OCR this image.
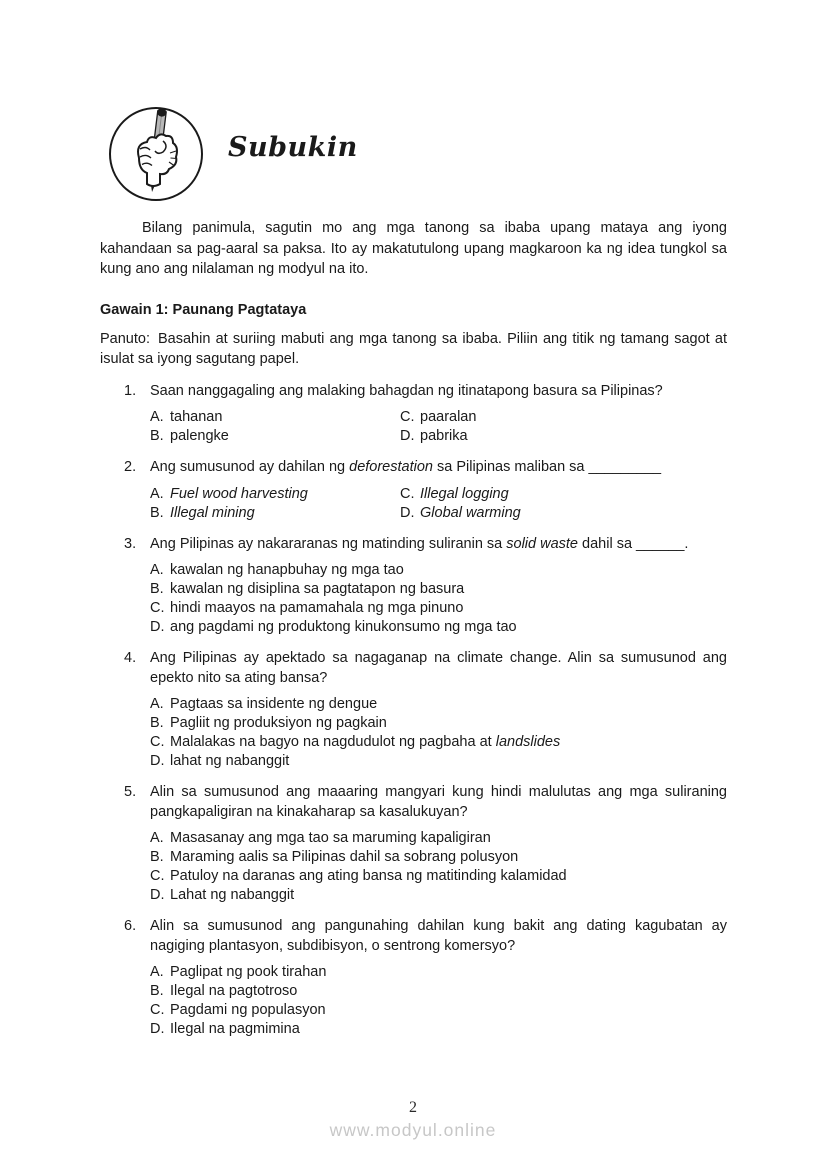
Subukin

Bilang panimula, sagutin mo ang mga tanong sa ibaba upang mataya ang iyong kahandaan sa pag-aaral sa paksa. Ito ay makatutulong upang magkaroon ka ng idea tungkol sa kung ano ang nilalaman ng modyul na ito.

Gawain 1: Paunang Pagtataya

Panuto: Basahin at suriing mabuti ang mga tanong sa ibaba. Piliin ang titik ng tamang sagot at isulat sa iyong sagutang papel.

1. Saan nanggagaling ang malaking bahagdan ng itinatapong basura sa Pilipinas?
A. tahanan
B. palengke
C. paaralan
D. pabrika
2. Ang sumusunod ay dahilan ng deforestation sa Pilipinas maliban sa _________
A. Fuel wood harvesting
B. Illegal mining
C. Illegal logging
D. Global warming
3. Ang Pilipinas ay nakararanas ng matinding suliranin sa solid waste dahil sa ______.
A. kawalan ng hanapbuhay ng mga tao
B. kawalan ng disiplina sa pagtatapon ng basura
C. hindi maayos na pamamahala ng mga pinuno
D. ang pagdami ng produktong kinukonsumo ng mga tao
4. Ang Pilipinas ay apektado sa nagaganap na climate change. Alin sa sumusunod ang epekto nito sa ating bansa?
A. Pagtaas sa insidente ng dengue
B. Pagliit ng produksiyon ng pagkain
C. Malalakas na bagyo na nagdudulot ng pagbaha at landslides
D. lahat ng nabanggit
5. Alin sa sumusunod ang maaaring mangyari kung hindi malulutas ang mga suliraning pangkapaligiran na kinakaharap sa kasalukuyan?
A. Masasanay ang mga tao sa maruming kapaligiran
B. Maraming aalis sa Pilipinas dahil sa sobrang polusyon
C. Patuloy na daranas ang ating bansa ng matitinding kalamidad
D. Lahat ng nabanggit
6. Alin sa sumusunod ang pangunahing dahilan kung bakit ang dating kagubatan ay nagiging plantasyon, subdibisyon, o sentrong komersyo?
A. Paglipat ng pook tirahan
B. Ilegal na pagtotroso
C. Pagdami ng populasyon
D. Ilegal na pagmimina
2
www.modyul.online
